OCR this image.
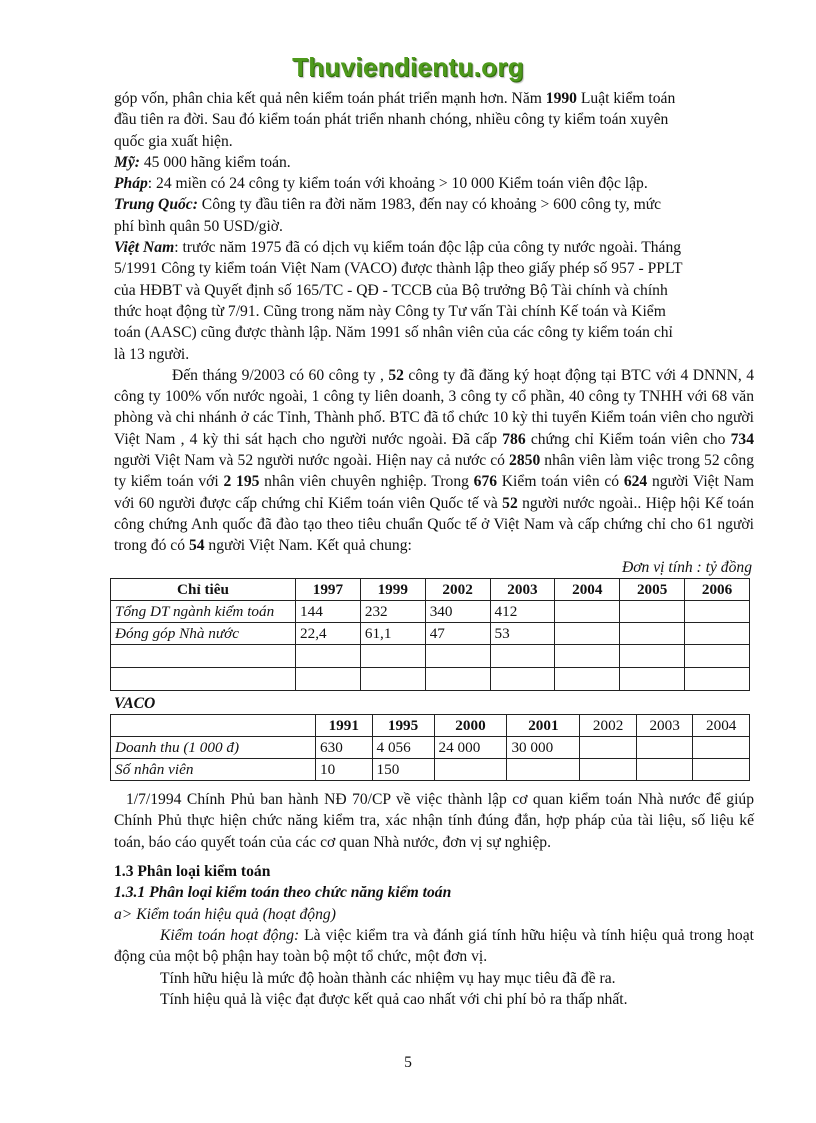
Thuviendientu.org

góp vốn, phân chia kết quả nên kiểm toán phát triển mạnh hơn. Năm 1990 Luật kiểm toán

đầu tiên ra đời. Sau đó kiểm toán phát triển nhanh chóng, nhiều công ty kiểm toán xuyên

quốc gia xuất hiện.

Mỹ: 45 000 hãng kiểm toán.

Pháp: 24 miền có 24 công ty kiểm toán với khoảng > 10 000 Kiểm toán viên độc lập.

Trung Quốc: Công ty đầu tiên ra đời năm 1983, đến nay có khoảng > 600 công ty, mức

phí bình quân 50 USD/giờ.

Việt Nam: trước năm 1975 đã có dịch vụ kiểm toán độc lập của công ty nước ngoài. Tháng

5/1991 Công ty kiểm toán Việt Nam (VACO) được thành lập theo giấy phép số 957 - PPLT

của HĐBT và Quyết định số 165/TC - QĐ - TCCB của Bộ trưởng Bộ Tài chính và chính

thức hoạt động từ 7/91. Cũng trong năm này Công ty Tư vấn Tài chính Kế toán và Kiểm

toán (AASC) cũng được thành lập. Năm 1991 số nhân viên của các công ty kiểm toán chỉ

là 13 người.

Đến tháng 9/2003 có 60 công ty , 52 công ty đã đăng ký hoạt động tại BTC với 4 DNNN, 4 công ty 100% vốn nước ngoài, 1 công ty liên doanh, 3 công ty cổ phần, 40 công ty TNHH với 68 văn phòng và chi nhánh ở các Tỉnh, Thành phố. BTC đã tổ chức 10 kỳ thi tuyển Kiểm toán viên cho người Việt Nam , 4 kỳ thi sát hạch cho người nước ngoài. Đã cấp 786 chứng chỉ Kiểm toán viên cho 734 người Việt Nam và 52 người nước ngoài. Hiện nay cả nước có 2850 nhân viên làm việc trong 52 công ty kiểm toán với 2 195 nhân viên chuyên nghiệp. Trong 676 Kiểm toán viên có 624 người Việt Nam với 60 người được cấp chứng chỉ Kiểm toán viên Quốc tế và 52 người nước ngoài.. Hiệp hội Kế toán công chứng Anh quốc đã đào tạo theo tiêu chuẩn Quốc tế ở Việt Nam và cấp chứng chỉ cho 61 người trong đó có 54 người Việt Nam. Kết quả chung:

Đơn vị tính : tỷ đồng

Chỉ tiêu	1997	1999	2002	2003	2004	2005	2006
Tổng DT ngành kiểm toán	144	232	340	412			
Đóng góp Nhà nước	22,4	61,1	47	53			

VACO

	1991	1995	2000	2001	2002	2003	2004
Doanh thu (1 000 đ)	630	4 056	24 000	30 000			
Số nhân viên	10	150					

1/7/1994 Chính Phủ ban hành NĐ 70/CP về việc thành lập cơ quan kiểm toán Nhà nước để giúp Chính Phủ thực hiện chức năng kiểm tra, xác nhận tính đúng đắn, hợp pháp của tài liệu, số liệu kế toán, báo cáo quyết toán của các cơ quan Nhà nước, đơn vị sự nghiệp.

1.3 Phân loại kiểm toán

1.3.1 Phân loại kiểm toán theo chức năng kiểm toán

a> Kiểm toán hiệu quả (hoạt động)

Kiểm toán hoạt động: Là việc kiểm tra và đánh giá tính hữu hiệu và tính hiệu quả trong hoạt động của một bộ phận hay toàn bộ một tổ chức, một đơn vị.

Tính hữu hiệu là mức độ hoàn thành các nhiệm vụ hay mục tiêu đã đề ra.

Tính hiệu quả là việc đạt được kết quả cao nhất với chi phí bỏ ra thấp nhất.

5
